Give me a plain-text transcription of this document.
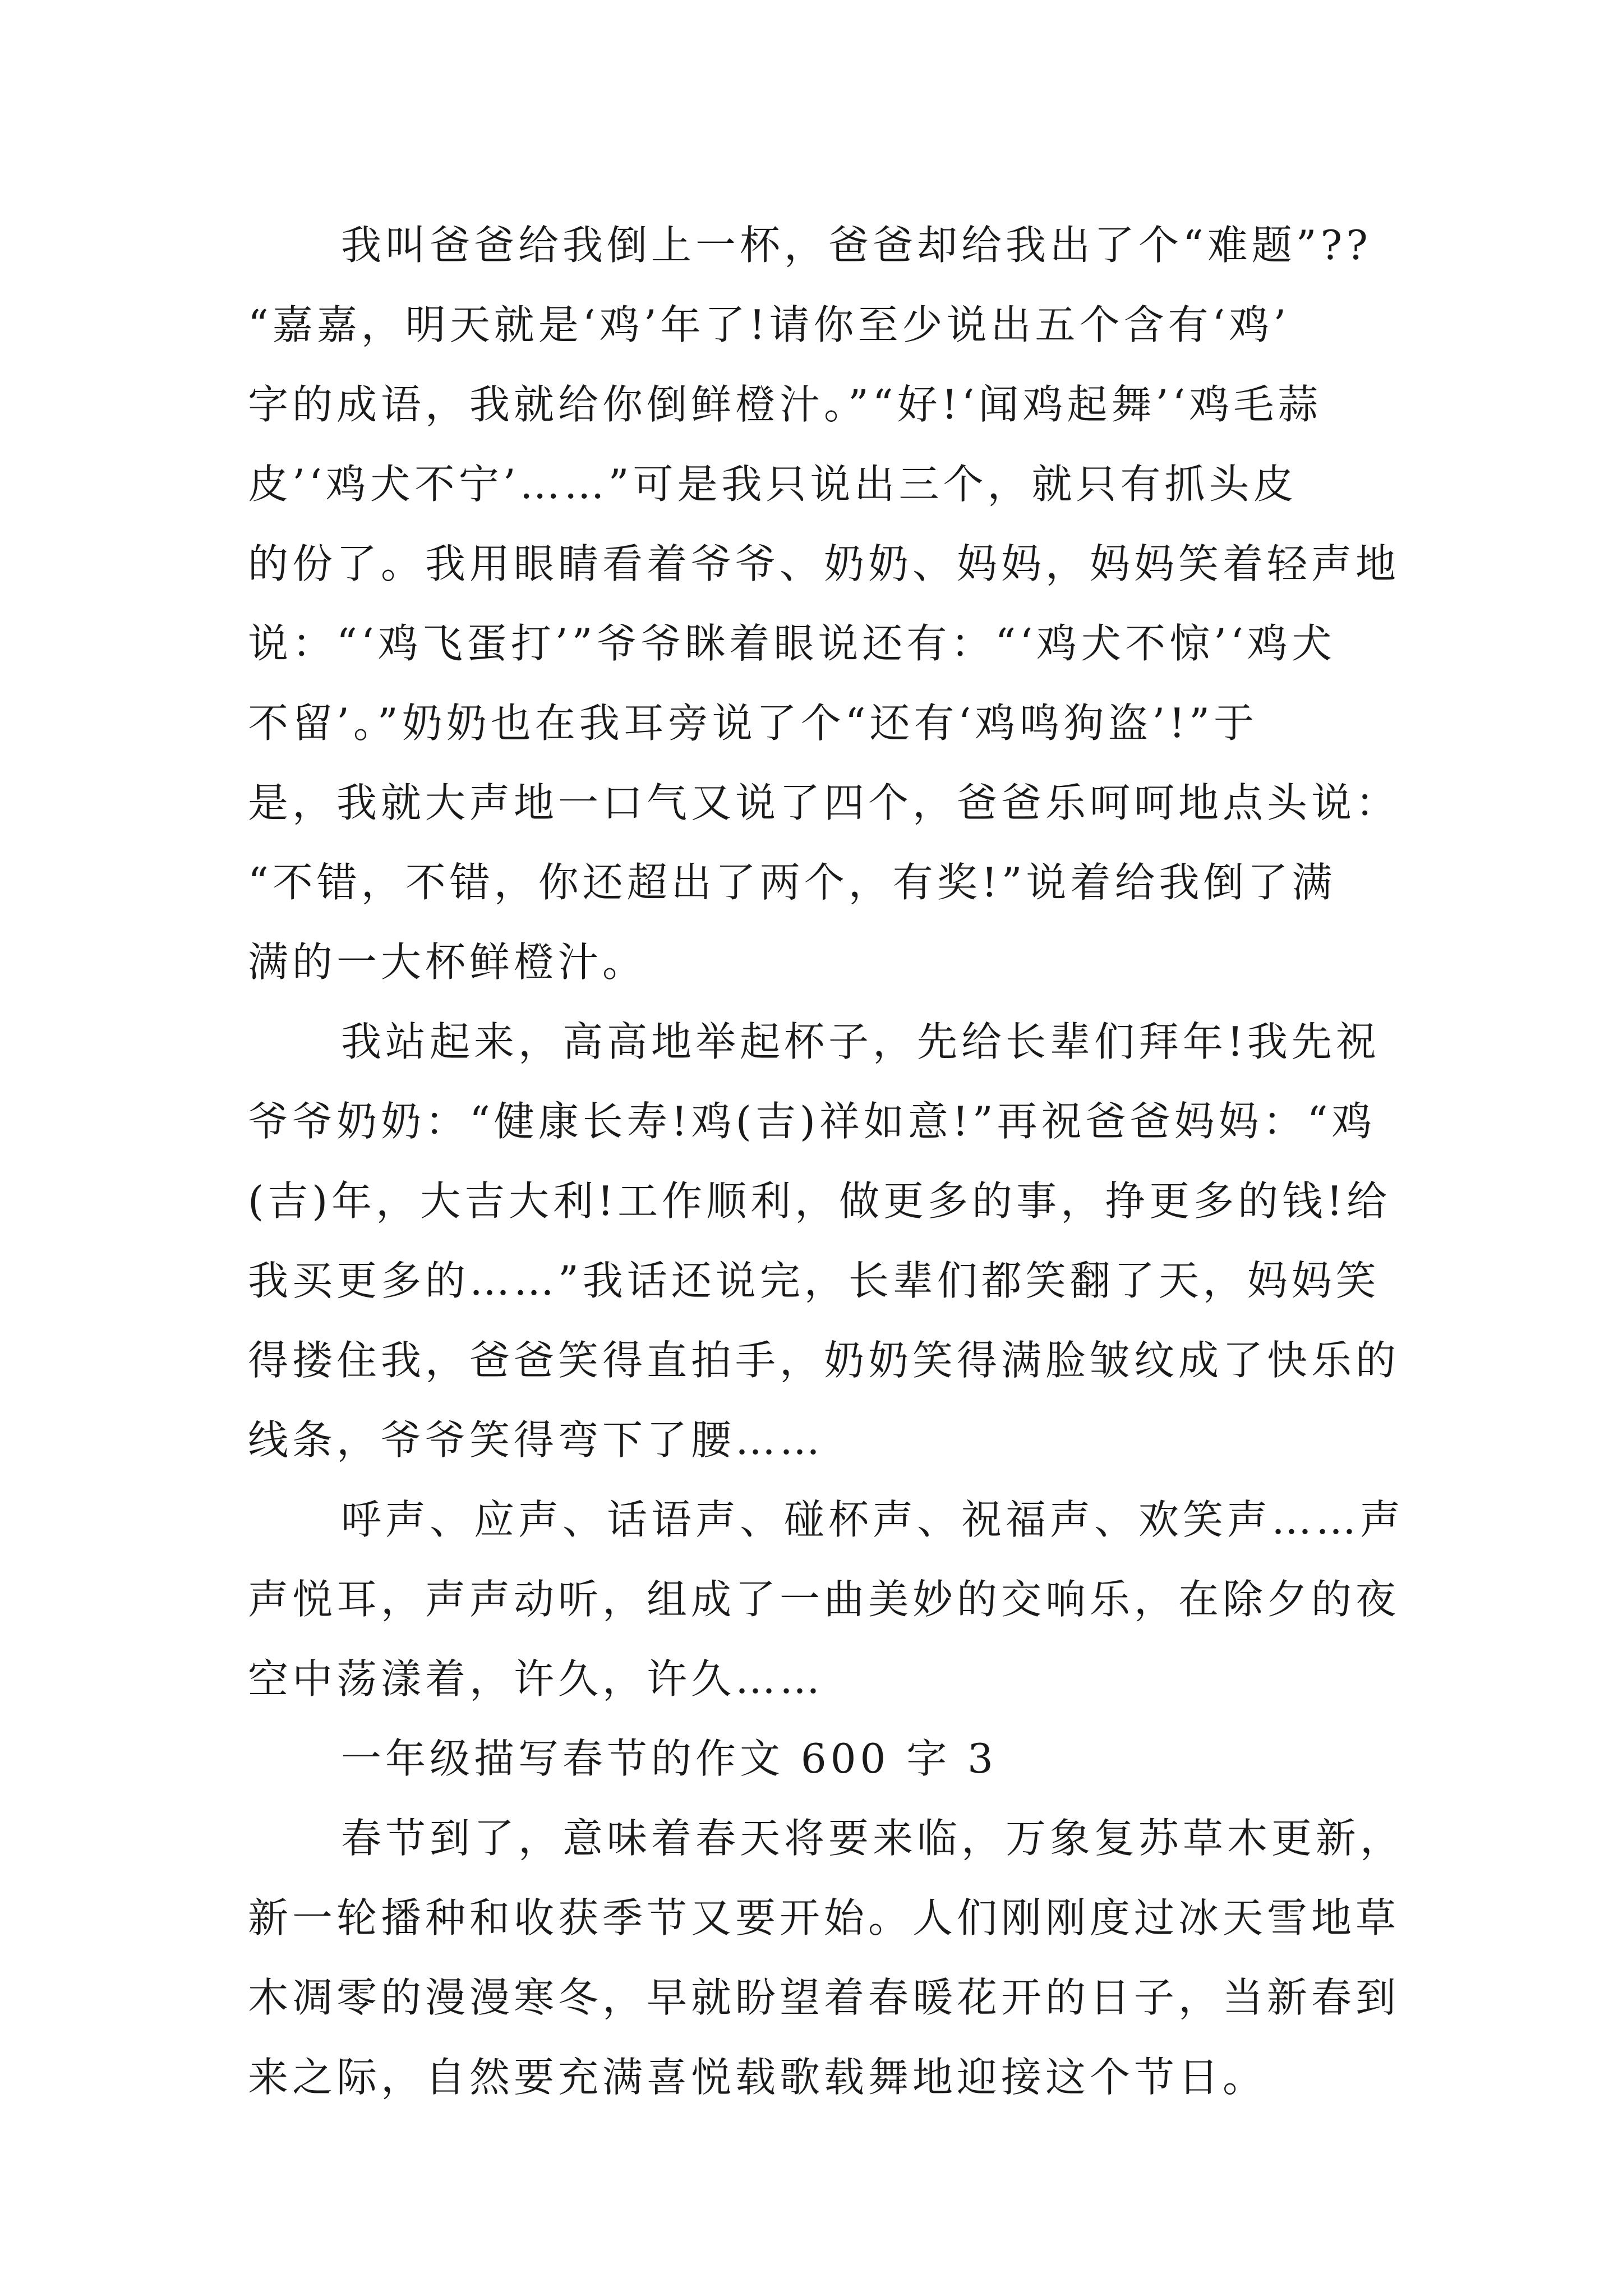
我叫爸爸给我倒上一杯，爸爸却给我出了个“难题”??
“嘉嘉，明天就是‘鸡’年了!请你至少说出五个含有‘鸡’
字的成语，我就给你倒鲜橙汁。”“好!‘闻鸡起舞’‘鸡毛蒜
皮’‘鸡犬不宁’……”可是我只说出三个，就只有抓头皮
的份了。我用眼睛看着爷爷、奶奶、妈妈，妈妈笑着轻声地
说：“‘鸡飞蛋打’”爷爷眯着眼说还有：“‘鸡犬不惊’‘鸡犬
不留’。”奶奶也在我耳旁说了个“还有‘鸡鸣狗盗’!”于
是，我就大声地一口气又说了四个，爸爸乐呵呵地点头说：
“不错，不错，你还超出了两个，有奖!”说着给我倒了满
满的一大杯鲜橙汁。
我站起来，高高地举起杯子，先给长辈们拜年!我先祝
爷爷奶奶：“健康长寿!鸡(吉)祥如意!”再祝爸爸妈妈：“鸡
(吉)年，大吉大利!工作顺利，做更多的事，挣更多的钱!给
我买更多的……”我话还说完，长辈们都笑翻了天，妈妈笑
得搂住我，爸爸笑得直拍手，奶奶笑得满脸皱纹成了快乐的
线条，爷爷笑得弯下了腰……
呼声、应声、话语声、碰杯声、祝福声、欢笑声……声
声悦耳，声声动听，组成了一曲美妙的交响乐，在除夕的夜
空中荡漾着，许久，许久……
一年级描写春节的作文 600 字 3
春节到了，意味着春天将要来临，万象复苏草木更新，
新一轮播种和收获季节又要开始。人们刚刚度过冰天雪地草
木凋零的漫漫寒冬，早就盼望着春暖花开的日子，当新春到
来之际，自然要充满喜悦载歌载舞地迎接这个节日。
